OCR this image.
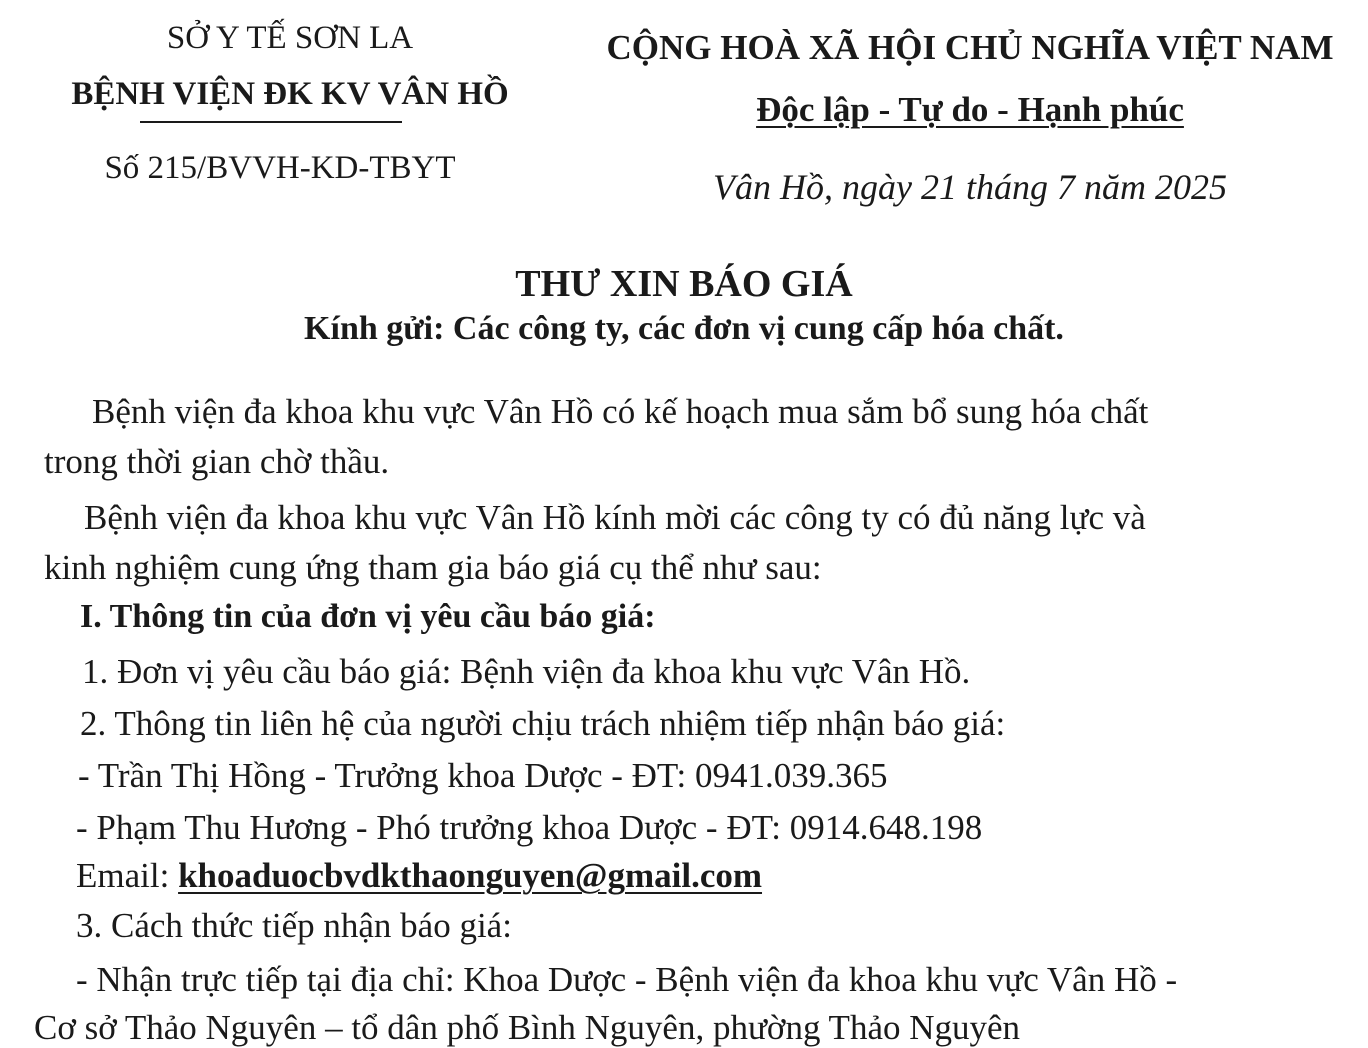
SỞ Y TẾ SƠN LA
BỆNH VIỆN ĐK KV VÂN HỒ
Số 215/BVVH-KD-TBYT
CỘNG HOÀ XÃ HỘI CHỦ NGHĨA VIỆT NAM
Độc lập - Tự do - Hạnh phúc
Vân Hồ, ngày 21 tháng 7 năm 2025
THƯ XIN BÁO GIÁ
Kính gửi: Các công ty, các đơn vị cung cấp hóa chất.
Bệnh viện đa khoa khu vực Vân Hồ có kế hoạch mua sắm bổ sung hóa chất
trong thời gian chờ thầu.
Bệnh viện đa khoa khu vực Vân Hồ kính mời các công ty có đủ năng lực và
kinh nghiệm cung ứng tham gia báo giá cụ thể như sau:
I. Thông tin của đơn vị yêu cầu báo giá:
1. Đơn vị yêu cầu báo giá: Bệnh viện đa khoa khu vực Vân Hồ.
2. Thông tin liên hệ của người chịu trách nhiệm tiếp nhận báo giá:
- Trần Thị Hồng - Trưởng khoa Dược - ĐT: 0941.039.365
- Phạm Thu Hương - Phó trưởng khoa Dược - ĐT: 0914.648.198
Email: khoaduocbvdkthaonguyen@gmail.com
3. Cách thức tiếp nhận báo giá:
- Nhận trực tiếp tại địa chỉ: Khoa Dược - Bệnh viện đa khoa khu vực Vân Hồ -
Cơ sở Thảo Nguyên – tổ dân phố Bình Nguyên, phường Thảo Nguyên
